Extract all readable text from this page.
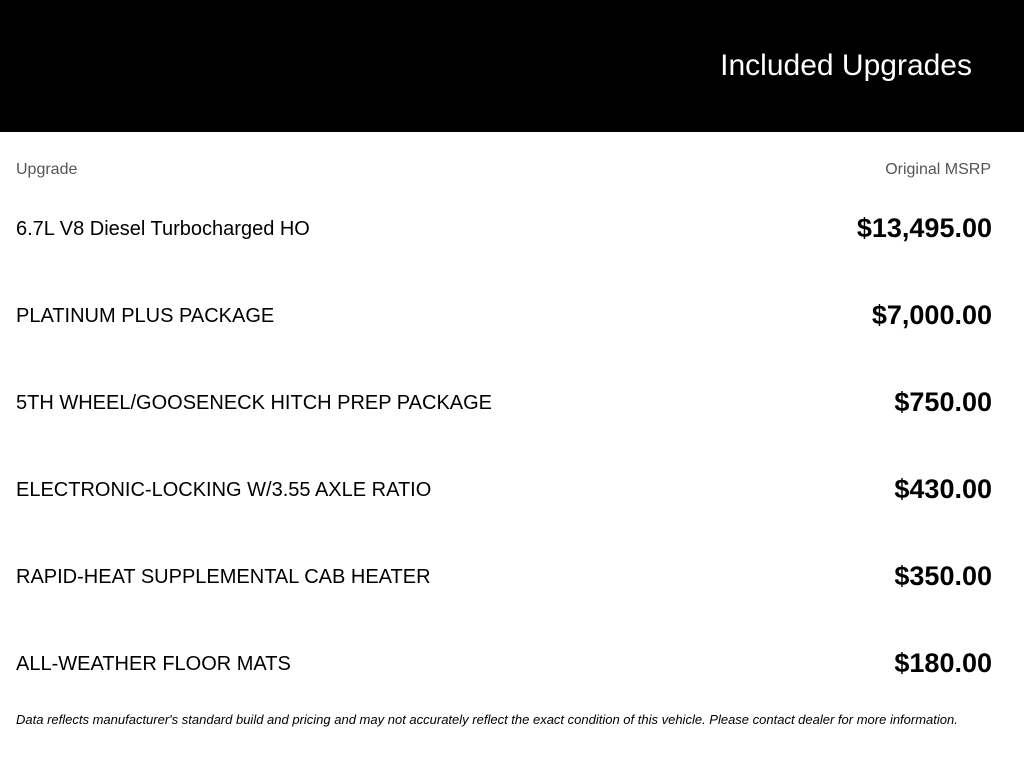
Included Upgrades
Upgrade	Original MSRP
6.7L V8 Diesel Turbocharged HO	$13,495.00
PLATINUM PLUS PACKAGE	$7,000.00
5TH WHEEL/GOOSENECK HITCH PREP PACKAGE	$750.00
ELECTRONIC-LOCKING W/3.55 AXLE RATIO	$430.00
RAPID-HEAT SUPPLEMENTAL CAB HEATER	$350.00
ALL-WEATHER FLOOR MATS	$180.00

Data reflects manufacturer's standard build and pricing and may not accurately reflect the exact condition of this vehicle. Please contact dealer for more information.
